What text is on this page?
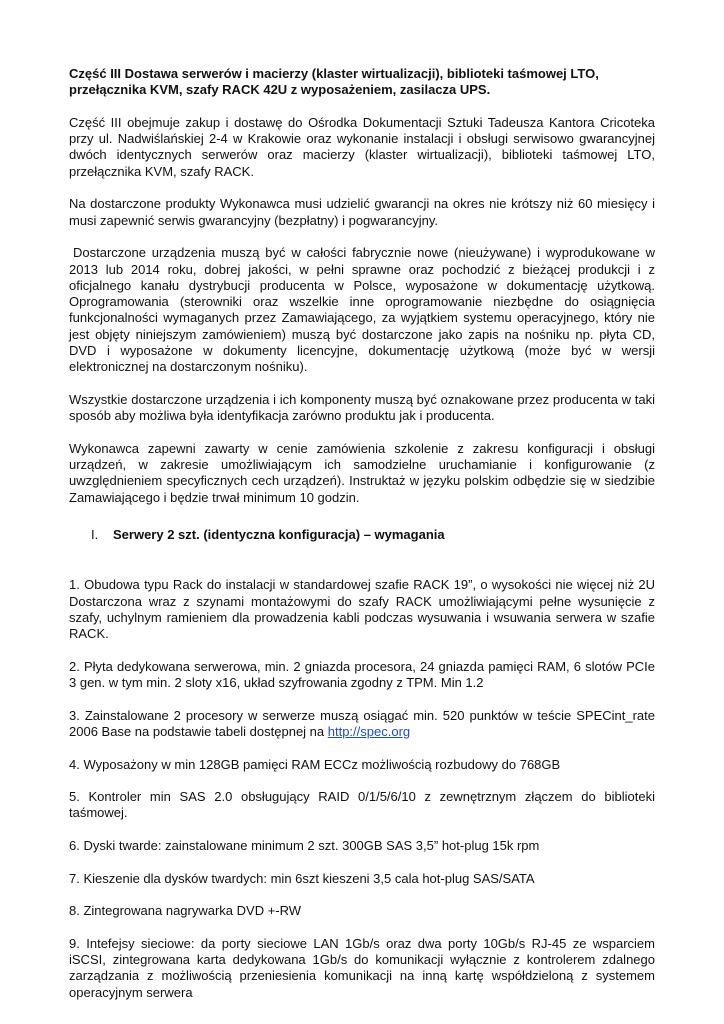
Część III Dostawa serwerów i macierzy (klaster wirtualizacji), biblioteki taśmowej LTO, przełącznika KVM, szafy RACK 42U z wyposażeniem, zasilacza UPS.

Część III obejmuje zakup i dostawę do Ośrodka Dokumentacji Sztuki Tadeusza Kantora Cricoteka przy ul. Nadwiślańskiej 2-4 w Krakowie oraz wykonanie instalacji i obsługi serwisowo gwarancyjnej dwóch identycznych serwerów oraz macierzy (klaster wirtualizacji), biblioteki taśmowej LTO, przełącznika KVM, szafy RACK.

Na dostarczone produkty Wykonawca musi udzielić gwarancji na okres nie krótszy niż 60 miesięcy i musi zapewnić serwis gwarancyjny (bezpłatny) i pogwarancyjny.

Dostarczone urządzenia muszą być w całości fabrycznie nowe (nieużywane) i wyprodukowane w 2013 lub 2014 roku, dobrej jakości, w pełni sprawne oraz pochodzić z bieżącej produkcji i z oficjalnego kanału dystrybucji producenta w Polsce, wyposażone w dokumentację użytkową. Oprogramowania (sterowniki oraz wszelkie inne oprogramowanie niezbędne do osiągnięcia funkcjonalności wymaganych przez Zamawiającego, za wyjątkiem systemu operacyjnego, który nie jest objęty niniejszym zamówieniem) muszą być dostarczone jako zapis na nośniku np. płyta CD, DVD i wyposażone w dokumenty licencyjne, dokumentację użytkową (może być w wersji elektronicznej na dostarczonym nośniku).

Wszystkie dostarczone urządzenia i ich komponenty muszą być oznakowane przez producenta w taki sposób aby możliwa była identyfikacja zarówno produktu jak i producenta.

Wykonawca zapewni zawarty w cenie zamówienia szkolenie z zakresu konfiguracji i obsługi urządzeń, w zakresie umożliwiającym ich samodzielne uruchamianie i konfigurowanie (z uwzględnieniem specyficznych cech urządzeń). Instruktaż w języku polskim odbędzie się w siedzibie Zamawiającego i będzie trwał minimum 10 godzin.

I.	Serwery 2 szt. (identyczna konfiguracja) – wymagania

1. Obudowa typu Rack do instalacji w standardowej szafie RACK 19”, o wysokości nie więcej niż 2U Dostarczona wraz z szynami montażowymi do szafy RACK umożliwiającymi pełne wysunięcie z szafy, uchylnym ramieniem dla prowadzenia kabli podczas wysuwania i wsuwania serwera w szafie RACK.

2. Płyta dedykowana serwerowa, min. 2 gniazda procesora, 24 gniazda pamięci RAM, 6 slotów PCIe 3 gen. w tym min. 2 sloty x16, układ szyfrowania zgodny z TPM. Min 1.2

3. Zainstalowane 2 procesory w serwerze muszą osiągać min. 520 punktów w teście SPECint_rate 2006 Base na podstawie tabeli dostępnej na http://spec.org

4. Wyposażony w min 128GB pamięci RAM ECCz możliwością rozbudowy do 768GB

5. Kontroler min SAS 2.0 obsługujący RAID 0/1/5/6/10 z zewnętrznym złączem do biblioteki taśmowej.

6. Dyski twarde: zainstalowane minimum 2 szt. 300GB SAS 3,5” hot-plug 15k rpm

7. Kieszenie dla dysków twardych: min 6szt kieszeni 3,5 cala hot-plug SAS/SATA

8. Zintegrowana nagrywarka DVD +-RW

9. Intefejsy sieciowe: da porty sieciowe LAN 1Gb/s oraz dwa porty 10Gb/s RJ-45 ze wsparciem iSCSI, zintegrowana karta dedykowana 1Gb/s do komunikacji wyłącznie z kontrolerem zdalnego zarządzania z możliwością przeniesienia komunikacji na inną kartę współdzieloną z systemem operacyjnym serwera
